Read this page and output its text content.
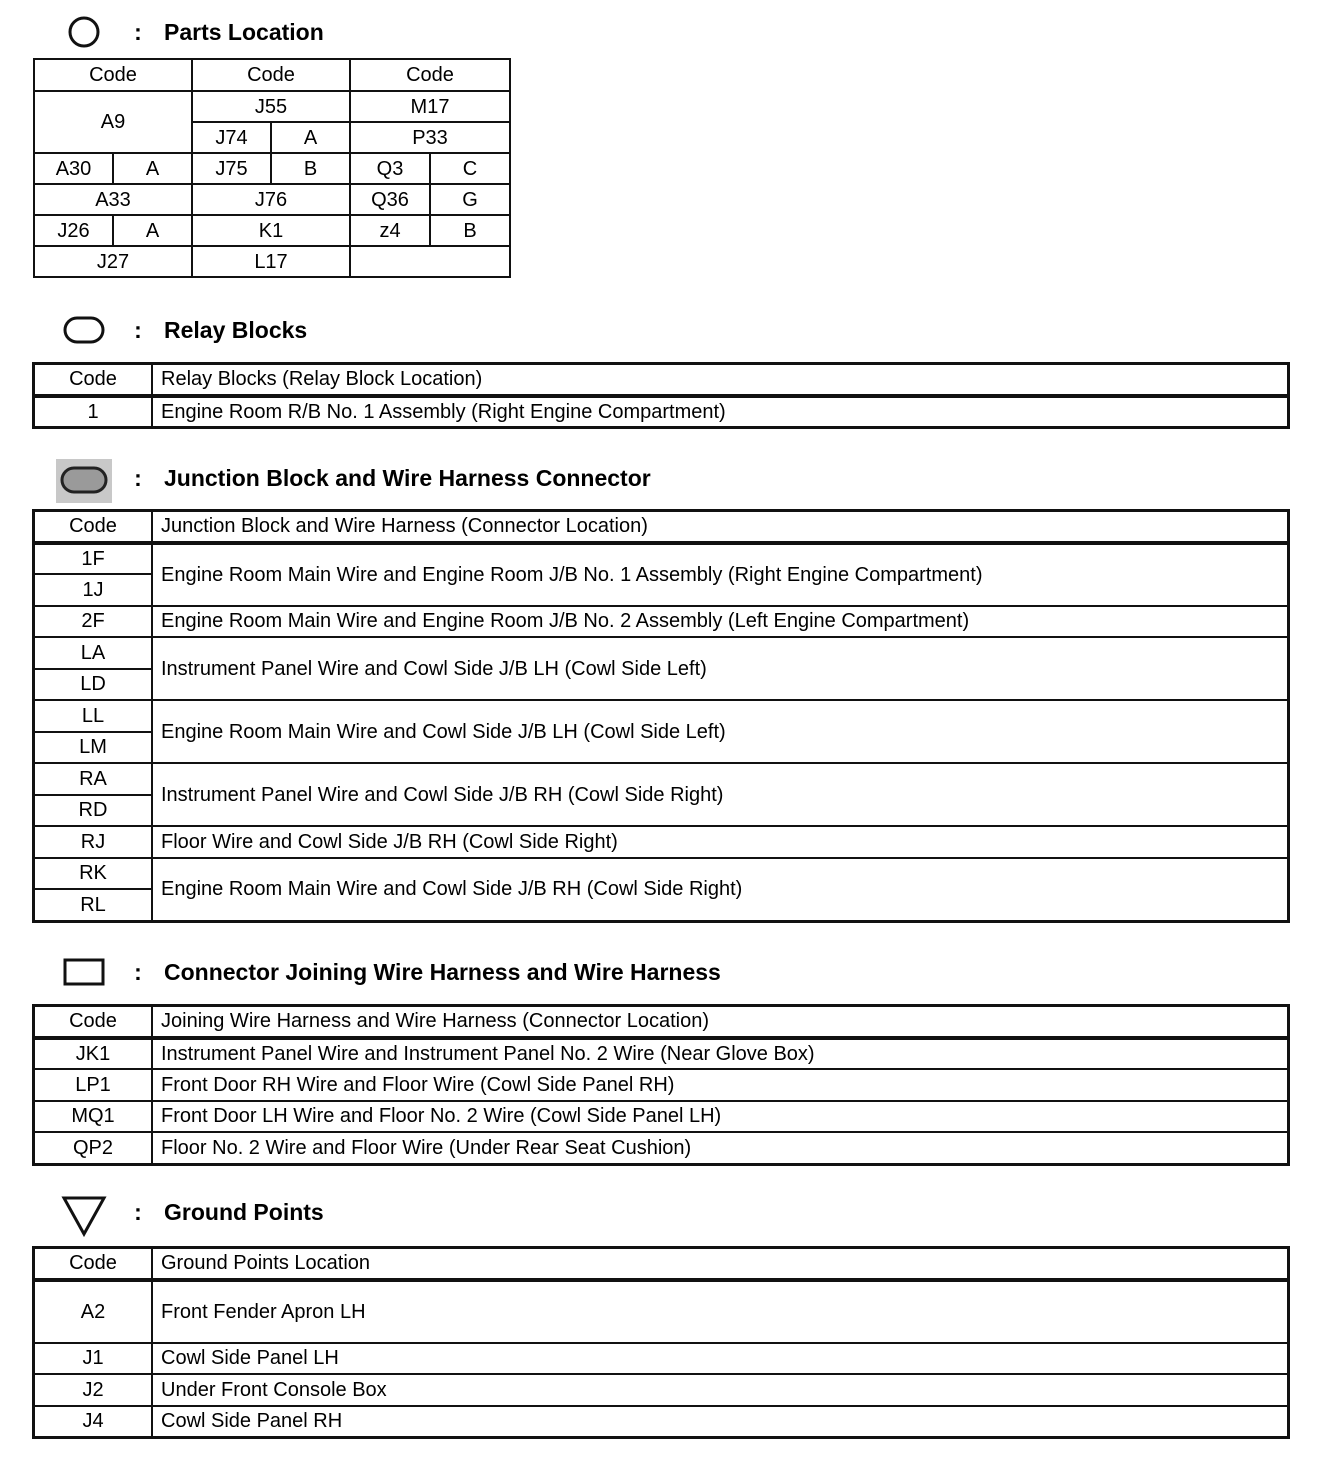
: Parts Location
Code		Code		Code	
A9		J55		M17	
		J74	A	P33	
A30	A	J75	B	Q3	C
A33		J76		Q36	G
J26	A	K1		z4	B
J27		L17			
: Relay Blocks
Code	Relay Blocks (Relay Block Location)
1	Engine Room R/B No. 1 Assembly (Right Engine Compartment)
: Junction Block and Wire Harness Connector
Code	Junction Block and Wire Harness (Connector Location)
1F	Engine Room Main Wire and Engine Room J/B No. 1 Assembly (Right Engine Compartment)
1J	
2F	Engine Room Main Wire and Engine Room J/B No. 2 Assembly (Left Engine Compartment)
LA	Instrument Panel Wire and Cowl Side J/B LH (Cowl Side Left)
LD	
LL	Engine Room Main Wire and Cowl Side J/B LH (Cowl Side Left)
LM	
RA	Instrument Panel Wire and Cowl Side J/B RH (Cowl Side Right)
RD	
RJ	Floor Wire and Cowl Side J/B RH (Cowl Side Right)
RK	Engine Room Main Wire and Cowl Side J/B RH (Cowl Side Right)
RL	
: Connector Joining Wire Harness and Wire Harness
Code	Joining Wire Harness and Wire Harness (Connector Location)
JK1	Instrument Panel Wire and Instrument Panel No. 2 Wire (Near Glove Box)
LP1	Front Door RH Wire and Floor Wire (Cowl Side Panel RH)
MQ1	Front Door LH Wire and Floor No. 2 Wire (Cowl Side Panel LH)
QP2	Floor No. 2 Wire and Floor Wire (Under Rear Seat Cushion)
: Ground Points
Code	Ground Points Location
A2	Front Fender Apron LH
J1	Cowl Side Panel LH
J2	Under Front Console Box
J4	Cowl Side Panel RH
